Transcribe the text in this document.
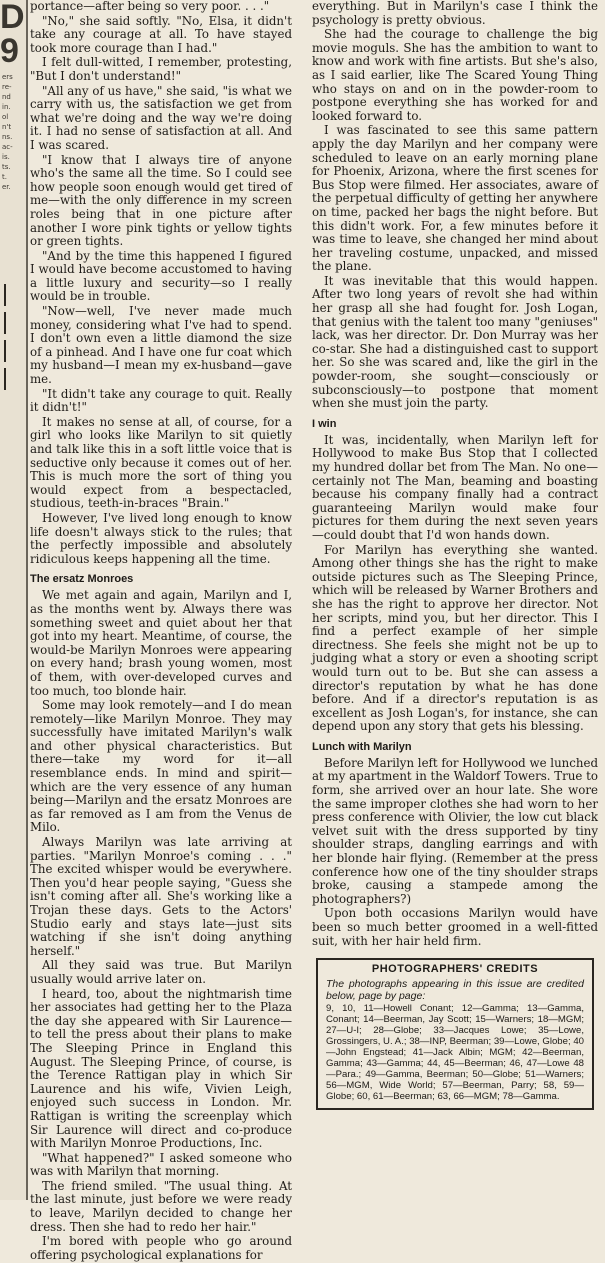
D 9
ers
re-
nd
in.
ol
n't
ns.
ac-
is.
ts.
t.
er.

portance—after being so very poor. . . ."

"No," she said softly. "No, Elsa, it didn't take any courage at all. To have stayed took more courage than I had."

I felt dull-witted, I remember, protesting, "But I don't understand!"

"All any of us have," she said, "is what we carry with us, the satisfaction we get from what we're doing and the way we're doing it. I had no sense of satisfaction at all. And I was scared.

"I know that I always tire of anyone who's the same all the time. So I could see how people soon enough would get tired of me—with the only difference in my screen roles being that in one picture after another I wore pink tights or yellow tights or green tights.

"And by the time this happened I figured I would have become accustomed to having a little luxury and security—so I really would be in trouble.

"Now—well, I've never made much money, considering what I've had to spend. I don't own even a little diamond the size of a pinhead. And I have one fur coat which my husband—I mean my ex-husband—gave me.

"It didn't take any courage to quit. Really it didn't!"

It makes no sense at all, of course, for a girl who looks like Marilyn to sit quietly and talk like this in a soft little voice that is seductive only because it comes out of her. This is much more the sort of thing you would expect from a bespectacled, studious, teeth-in-braces "Brain."

However, I've lived long enough to know life doesn't always stick to the rules; that the perfectly impossible and absolutely ridiculous keeps happening all the time.

The ersatz Monroes

We met again and again, Marilyn and I, as the months went by. Always there was something sweet and quiet about her that got into my heart. Meantime, of course, the would-be Marilyn Monroes were appearing on every hand; brash young women, most of them, with over-developed curves and too much, too blonde hair.

Some may look remotely—and I do mean remotely—like Marilyn Monroe. They may successfully have imitated Marilyn's walk and other physical characteristics. But there—take my word for it—all resemblance ends. In mind and spirit—which are the very essence of any human being—Marilyn and the ersatz Monroes are as far removed as I am from the Venus de Milo.

Always Marilyn was late arriving at parties. "Marilyn Monroe's coming . . ." The excited whisper would be everywhere. Then you'd hear people saying, "Guess she isn't coming after all. She's working like a Trojan these days. Gets to the Actors' Studio early and stays late—just sits watching if she isn't doing anything herself."

All they said was true. But Marilyn usually would arrive later on.

I heard, too, about the nightmarish time her associates had getting her to the Plaza the day she appeared with Sir Laurence—to tell the press about their plans to make The Sleeping Prince in England this August. The Sleeping Prince, of course, is the Terence Rattigan play in which Sir Laurence and his wife, Vivien Leigh, enjoyed such success in London. Mr. Rattigan is writing the screenplay which Sir Laurence will direct and co-produce with Marilyn Monroe Productions, Inc.

"What happened?" I asked someone who was with Marilyn that morning.

The friend smiled. "The usual thing. At the last minute, just before we were ready to leave, Marilyn decided to change her dress. Then she had to redo her hair."

I'm bored with people who go around offering psychological explanations for

everything. But in Marilyn's case I think the psychology is pretty obvious.

She had the courage to challenge the big movie moguls. She has the ambition to want to know and work with fine artists. But she's also, as I said earlier, like The Scared Young Thing who stays on and on in the powder-room to postpone everything she has worked for and looked forward to.

I was fascinated to see this same pattern apply the day Marilyn and her company were scheduled to leave on an early morning plane for Phoenix, Arizona, where the first scenes for Bus Stop were filmed. Her associates, aware of the perpetual difficulty of getting her anywhere on time, packed her bags the night before. But this didn't work. For, a few minutes before it was time to leave, she changed her mind about her traveling costume, unpacked, and missed the plane.

It was inevitable that this would happen. After two long years of revolt she had within her grasp all she had fought for. Josh Logan, that genius with the talent too many "geniuses" lack, was her director. Dr. Don Murray was her co-star. She had a distinguished cast to support her. So she was scared and, like the girl in the powder-room, she sought—consciously or subconsciously—to postpone that moment when she must join the party.

I win

It was, incidentally, when Marilyn left for Hollywood to make Bus Stop that I collected my hundred dollar bet from The Man. No one—certainly not The Man, beaming and boasting because his company finally had a contract guaranteeing Marilyn would make four pictures for them during the next seven years—could doubt that I'd won hands down.

For Marilyn has everything she wanted. Among other things she has the right to make outside pictures such as The Sleeping Prince, which will be released by Warner Brothers and she has the right to approve her director. Not her scripts, mind you, but her director. This I find a perfect example of her simple directness. She feels she might not be up to judging what a story or even a shooting script would turn out to be. But she can assess a director's reputation by what he has done before. And if a director's reputation is as excellent as Josh Logan's, for instance, she can depend upon any story that gets his blessing.

Lunch with Marilyn

Before Marilyn left for Hollywood we lunched at my apartment in the Waldorf Towers. True to form, she arrived over an hour late. She wore the same improper clothes she had worn to her press conference with Olivier, the low cut black velvet suit with the dress supported by tiny shoulder straps, dangling earrings and with her blonde hair flying. (Remember at the press conference how one of the tiny shoulder straps broke, causing a stampede among the photographers?)

Upon both occasions Marilyn would have been so much better groomed in a well-fitted suit, with her hair held firm.

PHOTOGRAPHERS' CREDITS
The photographs appearing in this issue are credited below, page by page:
9, 10, 11—Howell Conant; 12—Gamma; 13—Gamma, Conant; 14—Beerman, Jay Scott; 15—Warners; 18—MGM; 27—U-I; 28—Globe; 33—Jacques Lowe; 35—Lowe, Grossingers, U. A.; 38—INP, Beerman; 39—Lowe, Globe; 40—John Engstead; 41—Jack Albin; MGM; 42—Beerman, Gamma; 43—Gamma; 44, 45—Beerman; 46, 47—Lowe 48—Para.; 49—Gamma, Beerman; 50—Globe; 51—Warners; 56—MGM, Wide World; 57—Beerman, Parry; 58, 59—Globe; 60, 61—Beerman; 63, 66—MGM; 78—Gamma.
